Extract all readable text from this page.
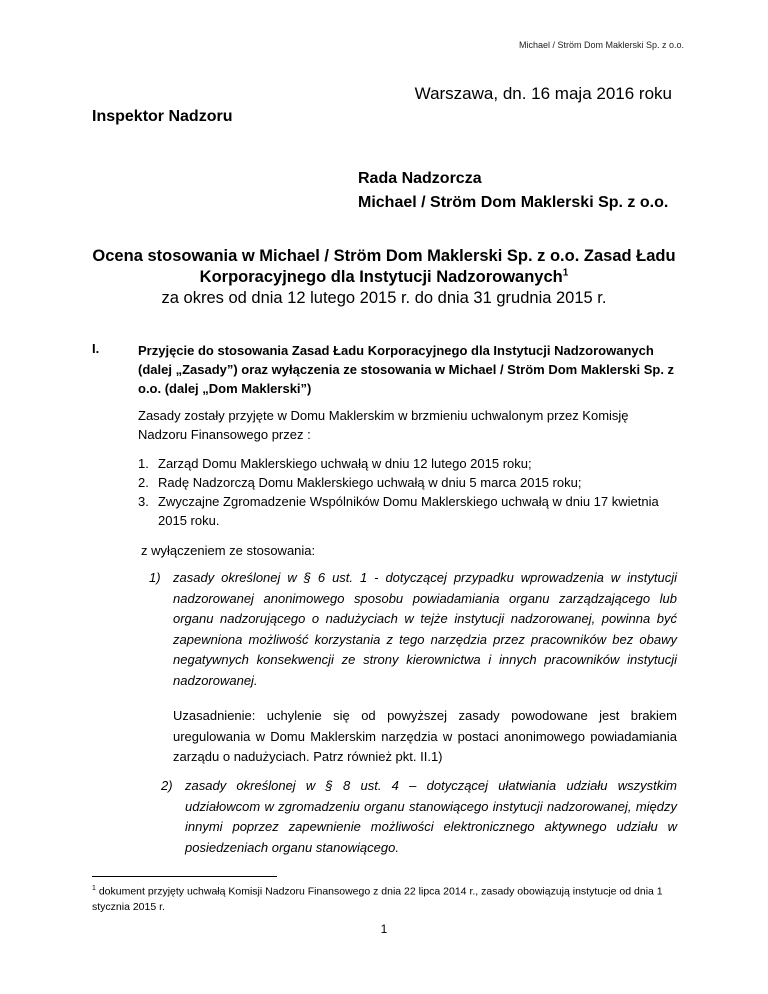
Michael / Ström Dom Maklerski Sp. z o.o.
Warszawa, dn. 16 maja 2016 roku
Inspektor Nadzoru
Rada Nadzorcza
Michael / Ström Dom Maklerski Sp. z o.o.
Ocena stosowania w Michael / Ström Dom Maklerski Sp. z o.o. Zasad Ładu Korporacyjnego dla Instytucji Nadzorowanych$^1$
za okres od dnia 12 lutego 2015 r. do dnia 31 grudnia 2015 r.
I.	Przyjęcie do stosowania Zasad Ładu Korporacyjnego dla Instytucji Nadzorowanych (dalej „Zasady”) oraz wyłączenia ze stosowania w Michael / Ström Dom Maklerski Sp. z o.o. (dalej „Dom Maklerski”)
Zasady zostały przyjęte w Domu Maklerskim w brzmieniu uchwalonym przez Komisję Nadzoru Finansowego przez :
1. Zarząd Domu Maklerskiego uchwałą w dniu 12 lutego 2015 roku;
2. Radę Nadzorczą Domu Maklerskiego uchwałą w dniu 5 marca 2015 roku;
3. Zwyczajne Zgromadzenie Wspólników Domu Maklerskiego uchwałą w dniu 17 kwietnia 2015 roku.
z wyłączeniem ze stosowania:
1) zasady określonej w § 6 ust. 1 - dotyczącej przypadku wprowadzenia w instytucji nadzorowanej anonimowego sposobu powiadamiania organu zarządzającego lub organu nadzorującego o nadużyciach w tejże instytucji nadzorowanej, powinna być zapewniona możliwość korzystania z tego narzędzia przez pracowników bez obawy negatywnych konsekwencji ze strony kierownictwa i innych pracowników instytucji nadzorowanej.
Uzasadnienie: uchylenie się od powyższej zasady powodowane jest brakiem uregulowania w Domu Maklerskim narzędzia w postaci anonimowego powiadamiania zarządu o nadużyciach. Patrz również pkt. II.1)
2) zasady określonej w § 8 ust. 4 – dotyczącej ułatwiania udziału wszystkim udziałowcom w zgromadzeniu organu stanowiącego instytucji nadzorowanej, między innymi poprzez zapewnienie możliwości elektronicznego aktywnego udziału w posiedzeniach organu stanowiącego.
$^1$ dokument przyjęty uchwałą Komisji Nadzoru Finansowego z dnia 22 lipca 2014 r., zasady obowiązują instytucje od dnia 1 stycznia 2015 r.
1
